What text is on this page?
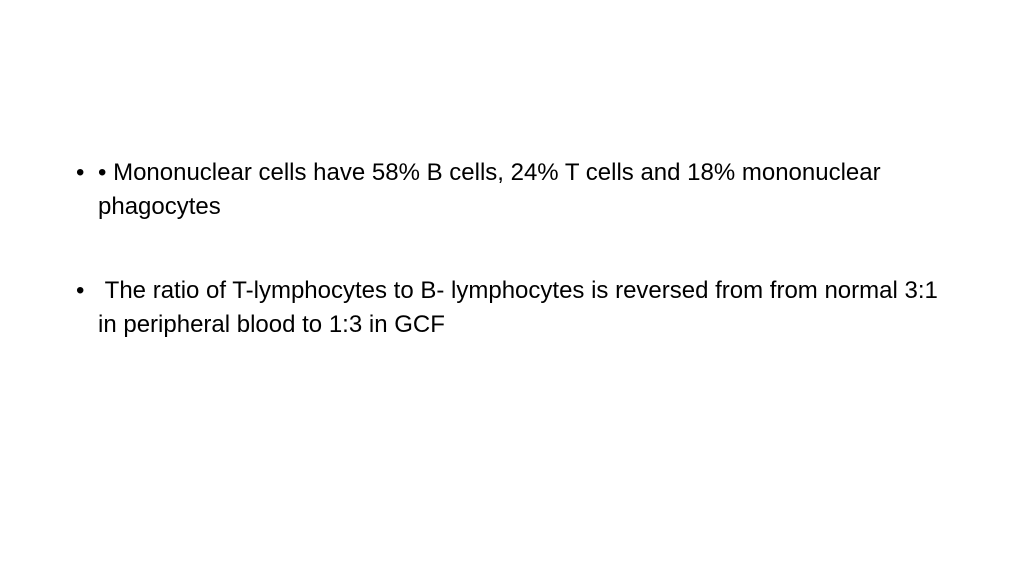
• • Mononuclear cells have 58% B cells, 24% T cells and 18% mononuclear phagocytes
• The ratio of T-lymphocytes to B- lymphocytes is reversed from from normal 3:1 in peripheral blood to 1:3 in GCF
